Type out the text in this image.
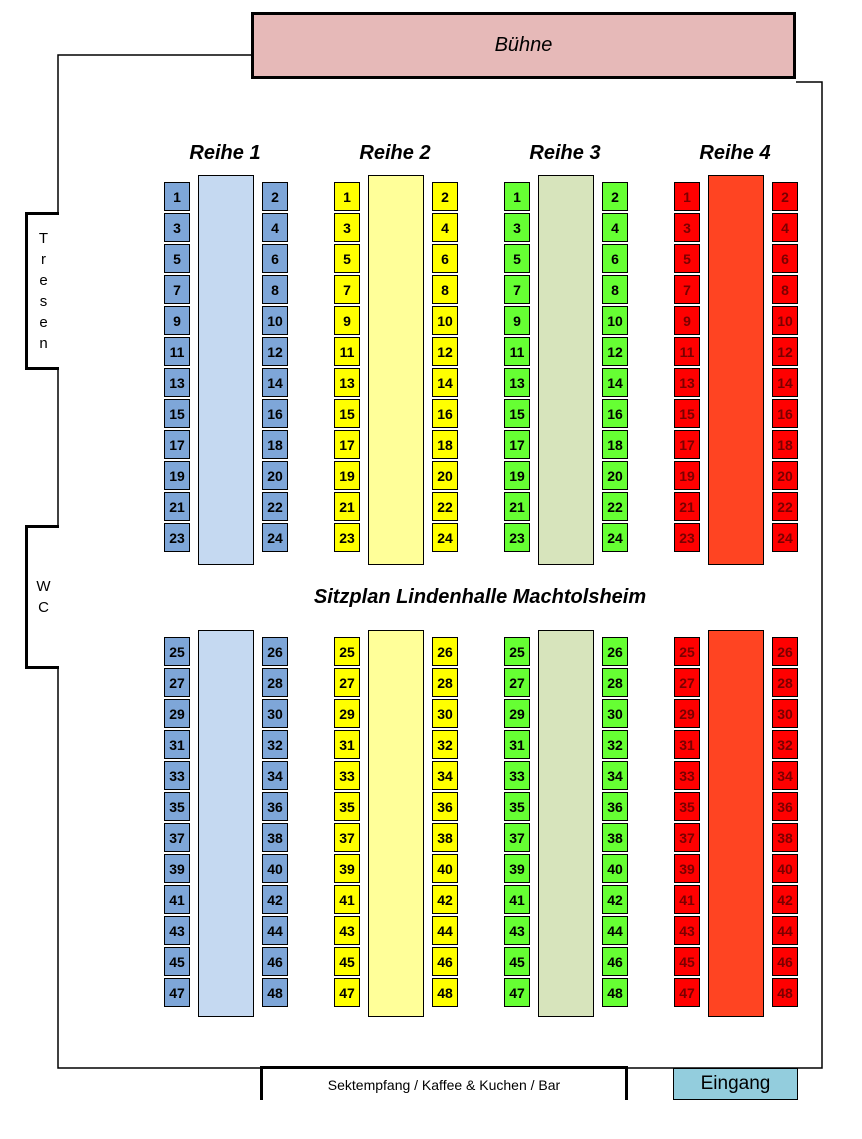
Bühne
T
r
e
s
e
n
W
C
Reihe 1
1
3
5
7
9
11
13
15
17
19
21
23
2
4
6
8
10
12
14
16
18
20
22
24
25
27
29
31
33
35
37
39
41
43
45
47
26
28
30
32
34
36
38
40
42
44
46
48
Reihe 2
1
3
5
7
9
11
13
15
17
19
21
23
2
4
6
8
10
12
14
16
18
20
22
24
25
27
29
31
33
35
37
39
41
43
45
47
26
28
30
32
34
36
38
40
42
44
46
48
Reihe 3
1
3
5
7
9
11
13
15
17
19
21
23
2
4
6
8
10
12
14
16
18
20
22
24
25
27
29
31
33
35
37
39
41
43
45
47
26
28
30
32
34
36
38
40
42
44
46
48
Reihe 4
1
3
5
7
9
11
13
15
17
19
21
23
2
4
6
8
10
12
14
16
18
20
22
24
25
27
29
31
33
35
37
39
41
43
45
47
26
28
30
32
34
36
38
40
42
44
46
48
Sitzplan Lindenhalle Machtolsheim
Sektempfang / Kaffee & Kuchen / Bar	Eingang
